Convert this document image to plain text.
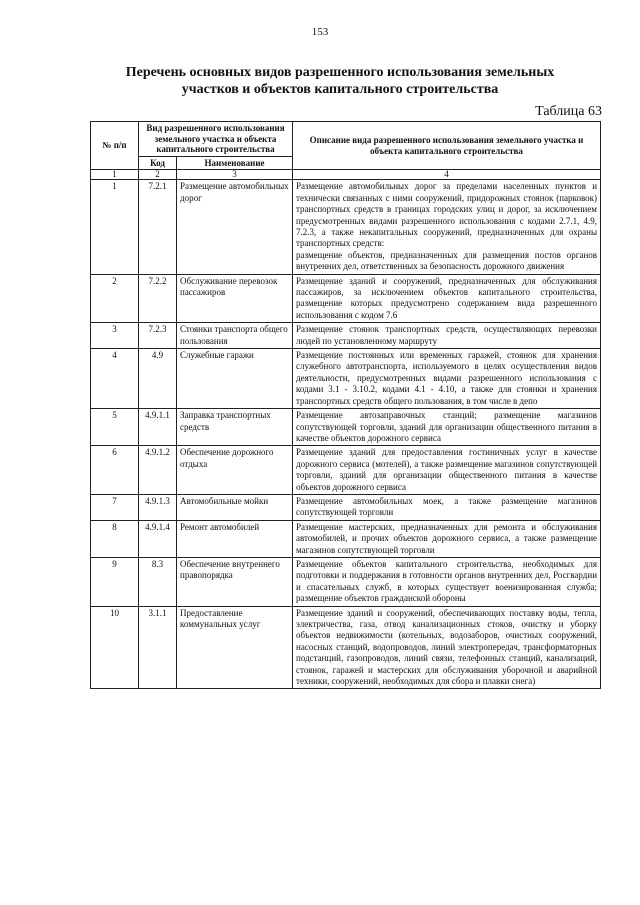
153
Перечень основных видов разрешенного использования земельных
участков и объектов капитального строительства
Таблица 63
№ п/п	Вид разрешенного использования земельного участка и объекта капитального строительства		Описание вида разрешенного использования земельного участка и объекта капитального строительства
	Код	Наименование	
1	2	3	4
1	7.2.1	Размещение автомобильных дорог	Размещение автомобильных дорог за пределами населенных пунктов и технически связанных с ними сооружений, придорожных стоянок (парковок) транспортных средств в границах городских улиц и дорог, за исключением предусмотренных видами разрешенного использования с кодами 2.7.1, 4.9, 7.2.3, а также некапитальных сооружений, предназначенных для охраны транспортных средств:
размещение объектов, предназначенных для размещения постов органов внутренних дел, ответственных за безопасность дорожного движения
2	7.2.2	Обслуживание перевозок пассажиров	Размещение зданий и сооружений, предназначенных для обслуживания пассажиров, за исключением объектов капитального строительства, размещение которых предусмотрено содержанием вида разрешенного использования с кодом 7.6
3	7.2.3	Стоянки транспорта общего пользования	Размещение стоянок транспортных средств, осуществляющих перевозки людей по установленному маршруту
4	4.9	Служебные гаражи	Размещение постоянных или временных гаражей, стоянок для хранения служебного автотранспорта, используемого в целях осуществления видов деятельности, предусмотренных видами разрешенного использования с кодами 3.1 - 3.10.2, кодами 4.1 - 4.10, а также для стоянки и хранения транспортных средств общего пользования, в том числе в депо
5	4.9.1.1	Заправка транспортных средств	Размещение автозаправочных станций; размещение магазинов сопутствующей торговли, зданий для организации общественного питания в качестве объектов дорожного сервиса
6	4.9.1.2	Обеспечение дорожного отдыха	Размещение зданий для предоставления гостиничных услуг в качестве дорожного сервиса (мотелей), а также размещение магазинов сопутствующей торговли, зданий для организации общественного питания в качестве объектов дорожного сервиса
7	4.9.1.3	Автомобильные мойки	Размещение автомобильных моек, а также размещение магазинов сопутствующей торговли
8	4.9.1.4	Ремонт автомобилей	Размещение мастерских, предназначенных для ремонта и обслуживания автомобилей, и прочих объектов дорожного сервиса, а также размещение магазинов сопутствующей торговли
9	8.3	Обеспечение внутреннего правопорядка	Размещение объектов капитального строительства, необходимых для подготовки и поддержания в готовности органов внутренних дел, Росгвардии и спасательных служб, в которых существует военизированная служба; размещение объектов гражданской обороны
10	3.1.1	Предоставление коммунальных услуг	Размещение зданий и сооружений, обеспечивающих поставку воды, тепла, электричества, газа, отвод канализационных стоков, очистку и уборку объектов недвижимости (котельных, водозаборов, очистных сооружений, насосных станций, водопроводов, линий электропередач, трансформаторных подстанций, газопроводов, линий связи, телефонных станций, канализаций, стоянок, гаражей и мастерских для обслуживания уборочной и аварийной техники, сооружений, необходимых для сбора и плавки снега)
